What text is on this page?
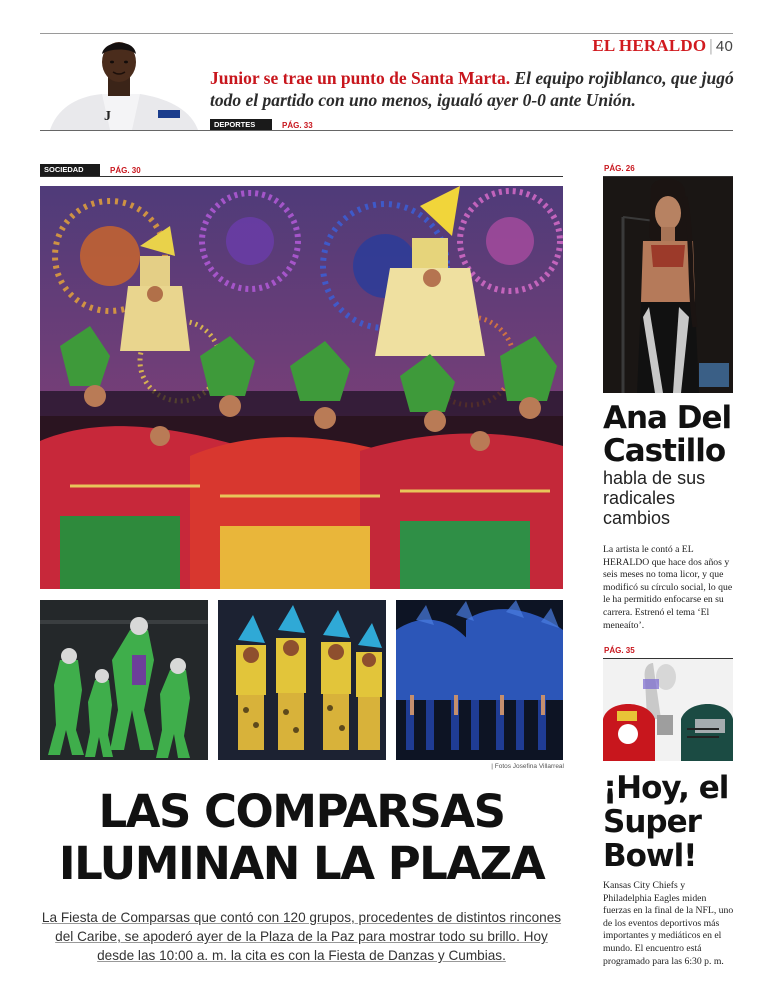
EL HERALDO | 40
J
Junior se trae un punto de Santa Marta. El equipo rojiblanco, que jugó todo el partido con uno menos, igualó ayer 0-0 ante Unión.
DEPORTES	PÁG. 33
SOCIEDAD	PÁG. 30
| Fotos Josefina Villarreal
LAS COMPARSAS
ILUMINAN LA PLAZA
La Fiesta de Comparsas que contó con 120 grupos, procedentes de distintos rincones del Caribe, se apoderó ayer de la Plaza de la Paz para mostrar todo su brillo. Hoy desde las 10:00 a. m. la cita es con la Fiesta de Danzas y Cumbias.
PÁG. 26
Ana Del Castillo
habla de sus radicales cambios
La artista le contó a EL HERALDO que hace dos años y seis meses no toma licor, y que modificó su círculo social, lo que le ha permitido enfocarse en su carrera. Estrenó el tema ‘El meneaíto’.
PÁG. 35
¡Hoy, el Super Bowl!
Kansas City Chiefs y Philadelphia Eagles miden fuerzas en la final de la NFL, uno de los eventos deportivos más importantes y mediáticos en el mundo. El encuentro está programado para las 6:30 p. m.
